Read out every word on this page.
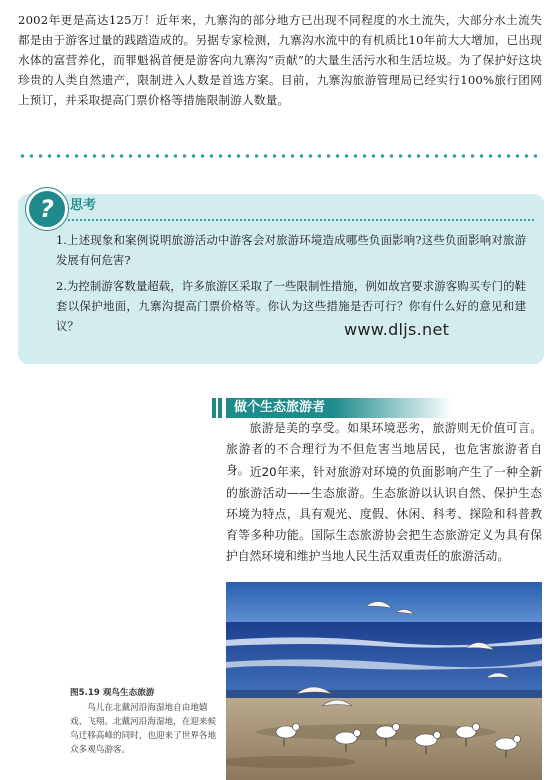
2002年更是高达125万！近年来，九寨沟的部分地方已出现不同程度的水土流失，大部分水土流失都是由于游客过量的践踏造成的。另据专家检测，九寨沟水流中的有机质比10年前大大增加，已出现水体的富营养化，而罪魁祸首便是游客向九寨沟“贡献”的大量生活污水和生活垃圾。为了保护好这块珍贵的人类自然遗产，限制进入人数是首选方案。目前，九寨沟旅游管理局已经实行100%旅行团网上预订，并采取提高门票价格等措施限制游人数量。

?	思考

1.上述现象和案例说明旅游活动中游客会对旅游环境造成哪些负面影响?这些负面影响对旅游发展有何危害?

2.为控制游客数量超载，许多旅游区采取了一些限制性措施，例如故宫要求游客购买专门的鞋套以保护地面，九寨沟提高门票价格等。你认为这些措施是否可行？你有什么好的意见和建议？	www.dljs.net
做个生态旅游者

旅游是美的享受。如果环境恶劣，旅游则无价值可言。旅游者的不合理行为不但危害当地居民，也危害旅游者自身。 近20年来，针对旅游对环境的负面影响产生了一种全新的旅游活动——生态旅游。生态旅游以认识自然、保护生态环境为特点，具有观光、度假、休闲、科考、探险和科普教育等多种功能。国际生态旅游协会把生态旅游定义为具有保护自然环境和维护当地人民生活双重责任的旅游活动。

图5.19 观鸟生态旅游

鸟儿在北戴河沿海湿地自由地嬉戏、飞翔。北戴河沿海湿地，在迎来候鸟迁移高峰的同时，也迎来了世界各地众多观鸟游客。
